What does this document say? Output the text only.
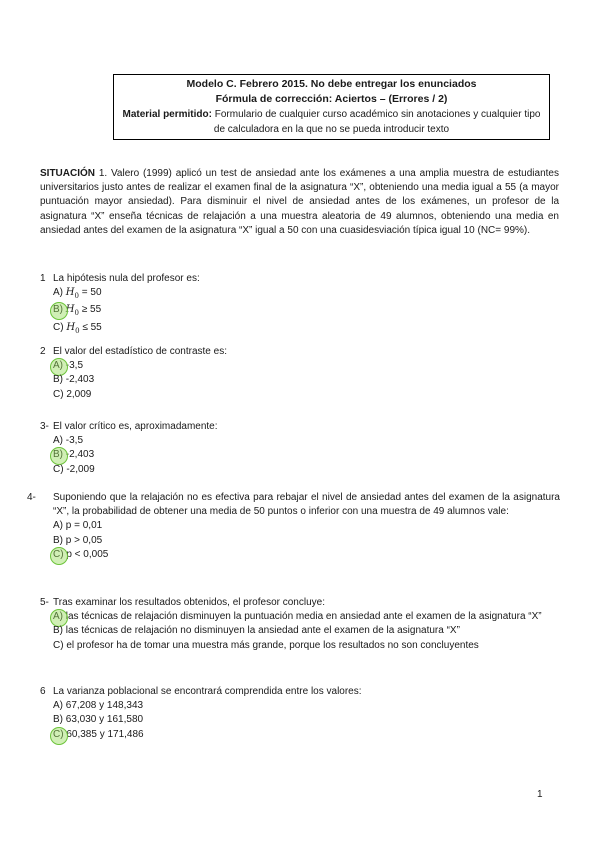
Modelo C. Febrero 2015. No debe entregar los enunciados
Fórmula de corrección: Aciertos – (Errores / 2)
Material permitido: Formulario de cualquier curso académico sin anotaciones y cualquier tipo de calculadora en la que no se pueda introducir texto
SITUACIÓN 1. Valero (1999) aplicó un test de ansiedad ante los exámenes a una amplia muestra de estudiantes universitarios justo antes de realizar el examen final de la asignatura “X”, obteniendo una media igual a 55 (a mayor puntuación mayor ansiedad). Para disminuir el nivel de ansiedad antes de los exámenes, un profesor de la asignatura “X” enseña técnicas de relajación a una muestra aleatoria de 49 alumnos, obteniendo una media en ansiedad antes del examen de la asignatura “X” igual a 50 con una cuasidesviación típica igual 10 (NC= 99%).
1 La hipótesis nula del profesor es:
A) $H_0 = 50$
B) $H_0 \ge 55$
C) $H_0 \le 55$
2 El valor del estadístico de contraste es:
A) -3,5
B) -2,403
C) 2,009
3- El valor crítico es, aproximadamente:
A) -3,5
B) -2,403
C) -2,009
4- Suponiendo que la relajación no es efectiva para rebajar el nivel de ansiedad antes del examen de la asignatura “X”, la probabilidad de obtener una media de 50 puntos o inferior con una muestra de 49 alumnos vale:
A) p = 0,01
B) p > 0,05
C) p < 0,005
5- Tras examinar los resultados obtenidos, el profesor concluye:
A) las técnicas de relajación disminuyen la puntuación media en ansiedad ante el examen de la asignatura “X”
B) las técnicas de relajación no disminuyen la ansiedad ante el examen de la asignatura “X”
C) el profesor ha de tomar una muestra más grande, porque los resultados no son concluyentes
6 La varianza poblacional se encontrará comprendida entre los valores:
A) 67,208 y 148,343
B) 63,030 y 161,580
C) 60,385 y 171,486
1
